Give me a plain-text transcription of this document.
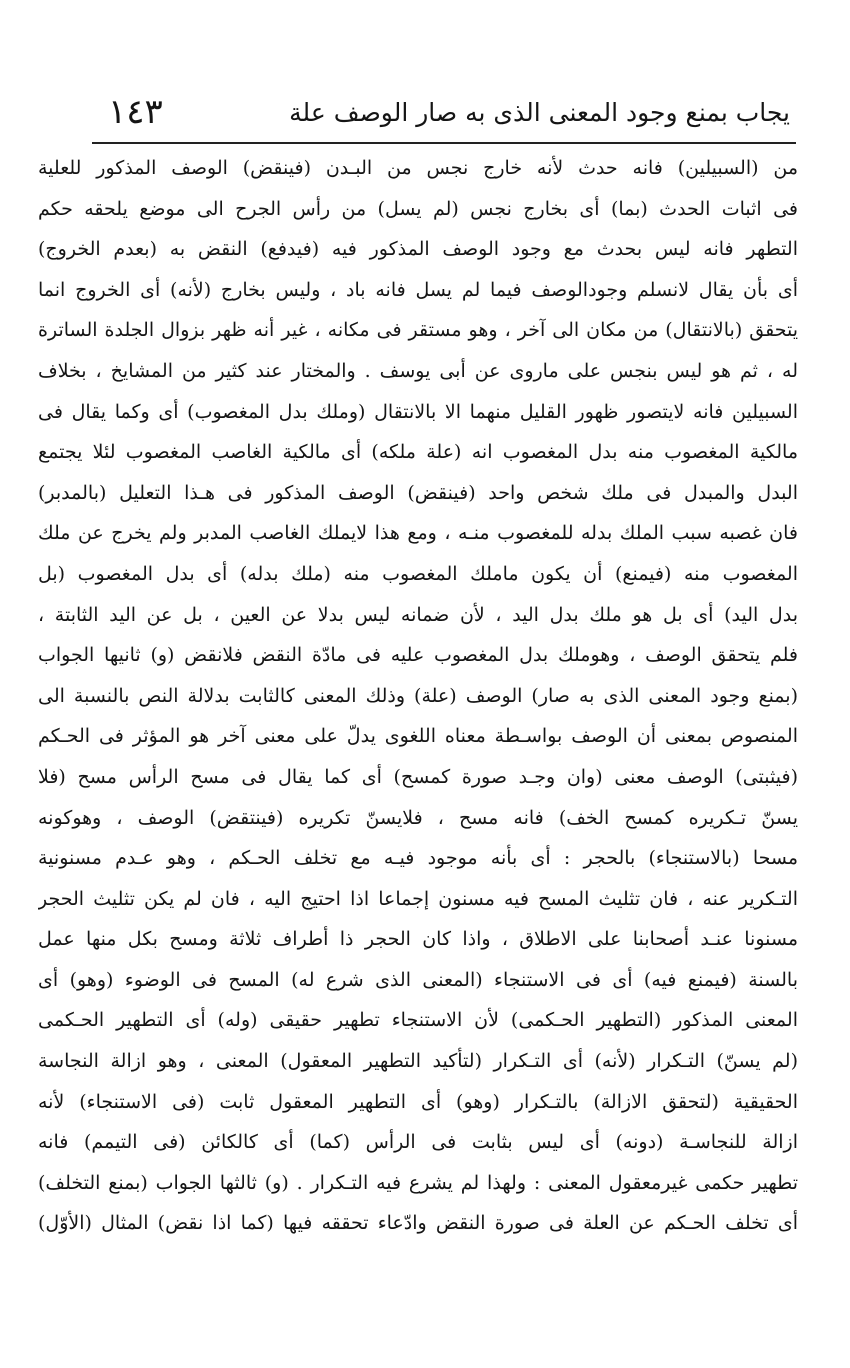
يجاب بمنع وجود المعنى الذى به صار الوصف علة
١٤٣
من (السبيلين) فانه حدث لأنه خارج نجس من البـدن (فينقض) الوصف المذكور للعلية
فى اثبات الحدث (بما) أى بخارج نجس (لم يسل) من رأس الجرح الى موضع يلحقه حكم
التطهر فانه ليس بحدث مع وجود الوصف المذكور فيه (فيدفع) النقض به (بعدم الخروج)
أى بأن يقال لانسلم وجودالوصف فيما لم يسل فانه باد ، وليس بخارج (لأنه) أى الخروج انما
يتحقق (بالانتقال) من مكان الى آخر ، وهو مستقر فى مكانه ، غير أنه ظهر بزوال الجلدة الساترة
له ، ثم هو ليس بنجس على ماروى عن أبى يوسف . والمختار عند كثير من المشايخ ، بخلاف
السبيلين فانه لايتصور ظهور القليل منهما الا بالانتقال (وملك بدل المغصوب) أى وكما يقال فى
مالكية المغصوب منه بدل المغصوب انه (علة ملكه) أى مالكية الغاصب المغصوب لئلا يجتمع
البدل والمبدل فى ملك شخص واحد (فينقض) الوصف المذكور فى هـذا التعليل (بالمدبر)
فان غصبه سبب الملك بدله للمغصوب منـه ، ومع هذا لايملك الغاصب المدبر ولم يخرج عن ملك
المغصوب منه (فيمنع) أن يكون ماملك المغصوب منه (ملك بدله) أى بدل المغصوب (بل
بدل اليد) أى بل هو ملك بدل اليد ، لأن ضمانه ليس بدلا عن العين ، بل عن اليد الثابتة ،
فلم يتحقق الوصف ، وهوملك بدل المغصوب عليه فى مادّة النقض فلانقض (و) ثانيها الجواب
(بمنع وجود المعنى الذى به صار) الوصف (علة) وذلك المعنى كالثابت بدلالة النص بالنسبة الى
المنصوص بمعنى أن الوصف بواسـطة معناه اللغوى يدلّ على معنى آخر هو المؤثر فى الحـكم
(فيثبتى) الوصف معنى (وان وجـد صورة كمسح) أى كما يقال فى مسح الرأس مسح (فلا
يسنّ تـكريره كمسح الخف) فانه مسح ، فلايسنّ تكريره (فينتقض) الوصف ، وهوكونه
مسحا (بالاستنجاء) بالحجر : أى بأنه موجود فيـه مع تخلف الحـكم ، وهو عـدم مسنونية
التـكرير عنه ، فان تثليث المسح فيه مسنون إجماعا اذا احتيج اليه ، فان لم يكن تثليث الحجر
مسنونا عنـد أصحابنا على الاطلاق ، واذا كان الحجر ذا أطراف ثلاثة ومسح بكل منها عمل
بالسنة (فيمنع فيه) أى فى الاستنجاء (المعنى الذى شرع له) المسح فى الوضوء (وهو) أى
المعنى المذكور (التطهير الحـكمى) لأن الاستنجاء تطهير حقيقى (وله) أى التطهير الحـكمى
(لم يسنّ) التـكرار (لأنه) أى التـكرار (لتأكيد التطهير المعقول) المعنى ، وهو ازالة النجاسة
الحقيقية (لتحقق الازالة) بالتـكرار (وهو) أى التطهير المعقول ثابت (فى الاستنجاء) لأنه
ازالة للنجاسـة (دونه) أى ليس بثابت فى الرأس (كما) أى كالكائن (فى التيمم) فانه
تطهير حكمى غيرمعقول المعنى : ولهذا لم يشرع فيه التـكرار . (و) ثالثها الجواب (بمنع التخلف)
أى تخلف الحـكم عن العلة فى صورة النقض وادّعاء تحققه فيها (كما اذا نقض) المثال (الأوّل)
